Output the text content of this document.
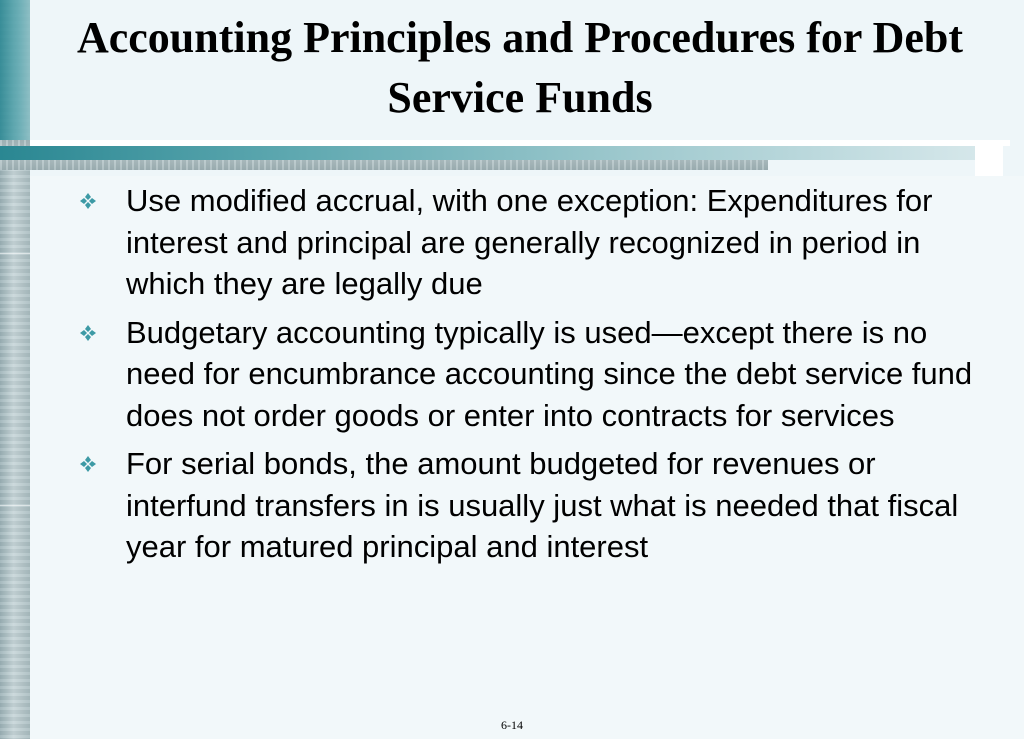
Accounting Principles and Procedures for Debt Service Funds
Use modified accrual, with one exception: Expenditures for interest and principal are generally recognized in period in which they are legally due
Budgetary accounting typically is used—except there is no need for encumbrance accounting since the debt service fund does not order goods or enter into contracts for services
For serial bonds, the amount budgeted for revenues or interfund transfers in is usually just what is needed that fiscal year for matured principal and interest
6-14
